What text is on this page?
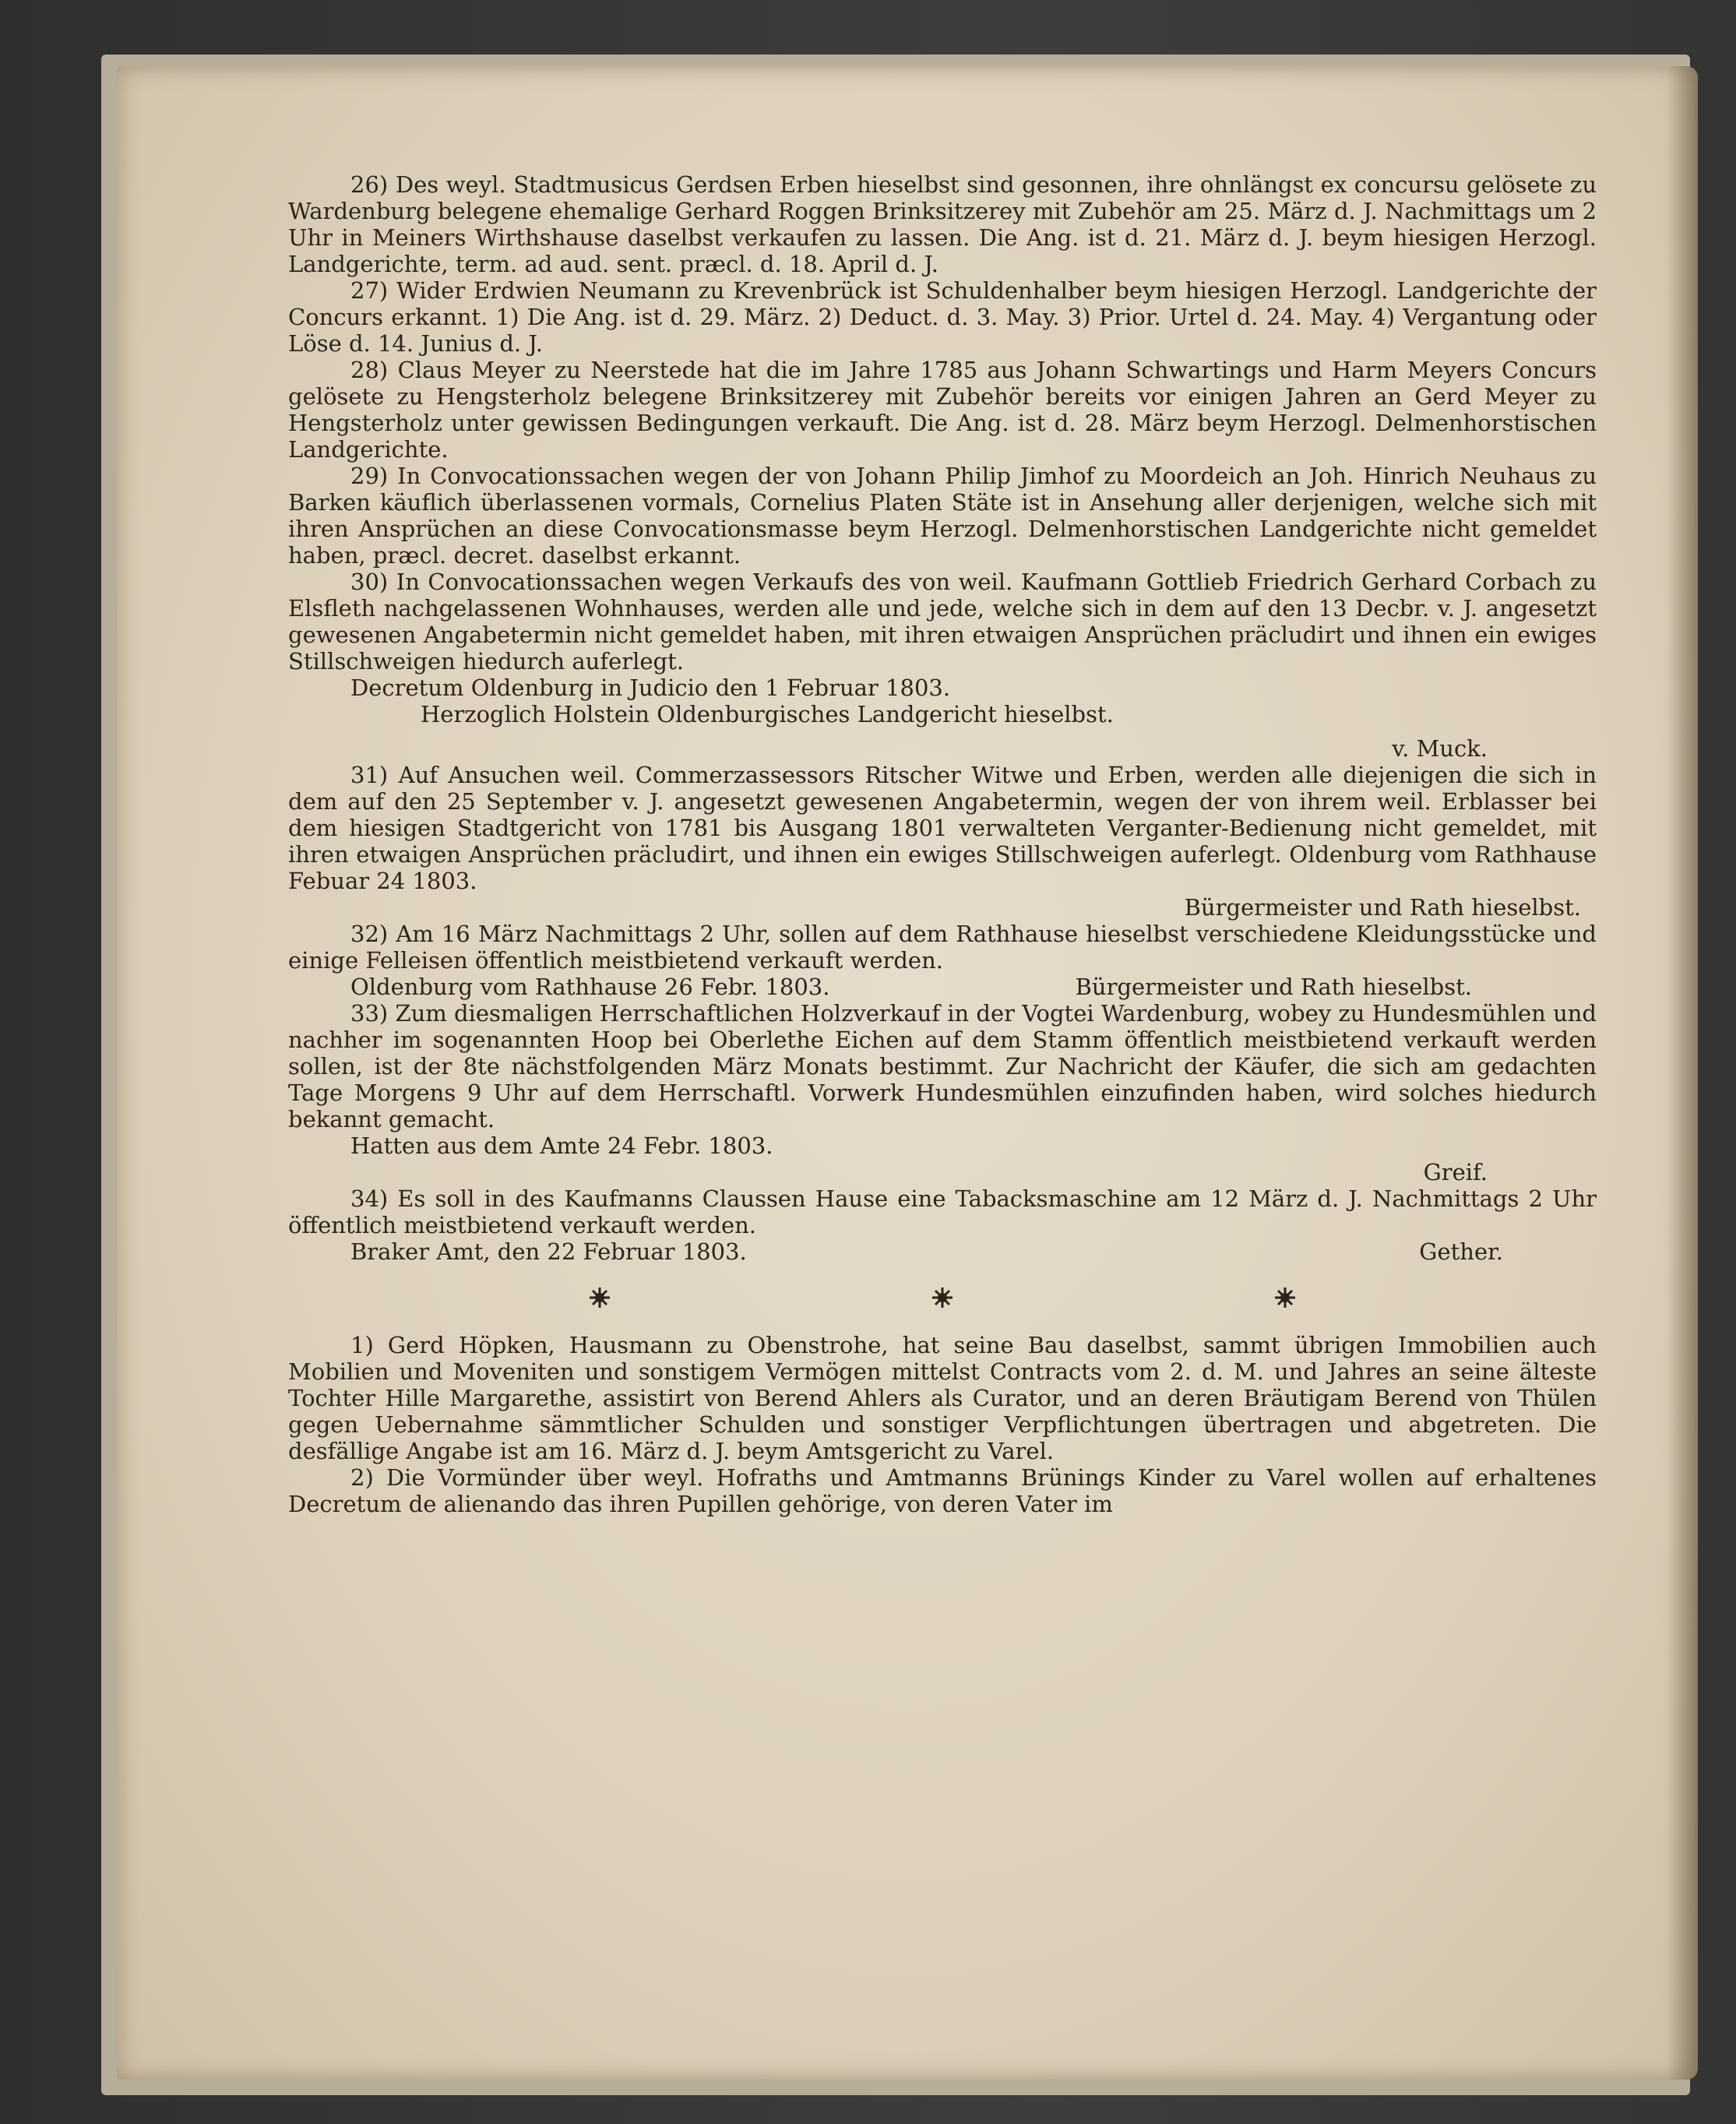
26) Des weyl. Stadtmusicus Gerdsen Erben hieselbst sind gesonnen, ihre ohnlängst ex concursu gelösete zu Wardenburg belegene ehemalige Gerhard Roggen Brinksitzerey mit Zubehör am 25. März d. J. Nachmittags um 2 Uhr in Meiners Wirthshause daselbst verkaufen zu lassen. Die Ang. ist d. 21. März d. J. beym hiesigen Herzogl. Landgerichte, term. ad aud. sent. præcl. d. 18. April d. J.

27) Wider Erdwien Neumann zu Krevenbrück ist Schuldenhalber beym hiesigen Herzogl. Landgerichte der Concurs erkannt. 1) Die Ang. ist d. 29. März. 2) Deduct. d. 3. May. 3) Prior. Urtel d. 24. May. 4) Vergantung oder Löse d. 14. Junius d. J.

28) Claus Meyer zu Neerstede hat die im Jahre 1785 aus Johann Schwartings und Harm Meyers Concurs gelösete zu Hengsterholz belegene Brinksitzerey mit Zubehör bereits vor einigen Jahren an Gerd Meyer zu Hengsterholz unter gewissen Bedingungen verkauft. Die Ang. ist d. 28. März beym Herzogl. Delmenhorstischen Landgerichte.

29) In Convocationssachen wegen der von Johann Philip Jimhof zu Moordeich an Joh. Hinrich Neuhaus zu Barken käuflich überlassenen vormals, Cornelius Platen Stäte ist in Ansehung aller derjenigen, welche sich mit ihren Ansprüchen an diese Convocationsmasse beym Herzogl. Delmenhorstischen Landgerichte nicht gemeldet haben, præcl. decret. daselbst erkannt.

30) In Convocationssachen wegen Verkaufs des von weil. Kaufmann Gottlieb Friedrich Gerhard Corbach zu Elsfleth nachgelassenen Wohnhauses, werden alle und jede, welche sich in dem auf den 13 Decbr. v. J. angesetzt gewesenen Angabetermin nicht gemeldet haben, mit ihren etwaigen Ansprüchen präcludirt und ihnen ein ewiges Stillschweigen hiedurch auferlegt.

Decretum Oldenburg in Judicio den 1 Februar 1803.

Herzoglich Holstein Oldenburgisches Landgericht hieselbst.

v. Muck.

31) Auf Ansuchen weil. Commerzassessors Ritscher Witwe und Erben, werden alle diejenigen die sich in dem auf den 25 September v. J. angesetzt gewesenen Angabetermin, wegen der von ihrem weil. Erblasser bei dem hiesigen Stadtgericht von 1781 bis Ausgang 1801 verwalteten Verganter-Bedienung nicht gemeldet, mit ihren etwaigen Ansprüchen präcludirt, und ihnen ein ewiges Stillschweigen auferlegt. Oldenburg vom Rathhause Febuar 24 1803.

Bürgermeister und Rath hieselbst.

32) Am 16 März Nachmittags 2 Uhr, sollen auf dem Rathhause hieselbst verschiedene Kleidungsstücke und einige Felleisen öffentlich meistbietend verkauft werden.

Oldenburg vom Rathhause 26 Febr. 1803.	Bürgermeister und Rath hieselbst.

33) Zum diesmaligen Herrschaftlichen Holzverkauf in der Vogtei Wardenburg, wobey zu Hundesmühlen und nachher im sogenannten Hoop bei Oberlethe Eichen auf dem Stamm öffentlich meistbietend verkauft werden sollen, ist der 8te nächstfolgenden März Monats bestimmt. Zur Nachricht der Käufer, die sich am gedachten Tage Morgens 9 Uhr auf dem Herrschaftl. Vorwerk Hundesmühlen einzufinden haben, wird solches hiedurch bekannt gemacht.

Hatten aus dem Amte 24 Febr. 1803.

Greif.

34) Es soll in des Kaufmanns Claussen Hause eine Tabacksmaschine am 12 März d. J. Nachmittags 2 Uhr öffentlich meistbietend verkauft werden.

Braker Amt, den 22 Februar 1803.	Gether.

1) Gerd Höpken, Hausmann zu Obenstrohe, hat seine Bau daselbst, sammt übrigen Immobilien auch Mobilien und Moveniten und sonstigem Vermögen mittelst Contracts vom 2. d. M. und Jahres an seine älteste Tochter Hille Margarethe, assistirt von Berend Ahlers als Curator, und an deren Bräutigam Berend von Thülen gegen Uebernahme sämmtlicher Schulden und sonstiger Verpflichtungen übertragen und abgetreten. Die desfällige Angabe ist am 16. März d. J. beym Amtsgericht zu Varel.

2) Die Vormünder über weyl. Hofraths und Amtmanns Brünings Kinder zu Varel wollen auf erhaltenes Decretum de alienando das ihren Pupillen gehörige, von deren Vater im
